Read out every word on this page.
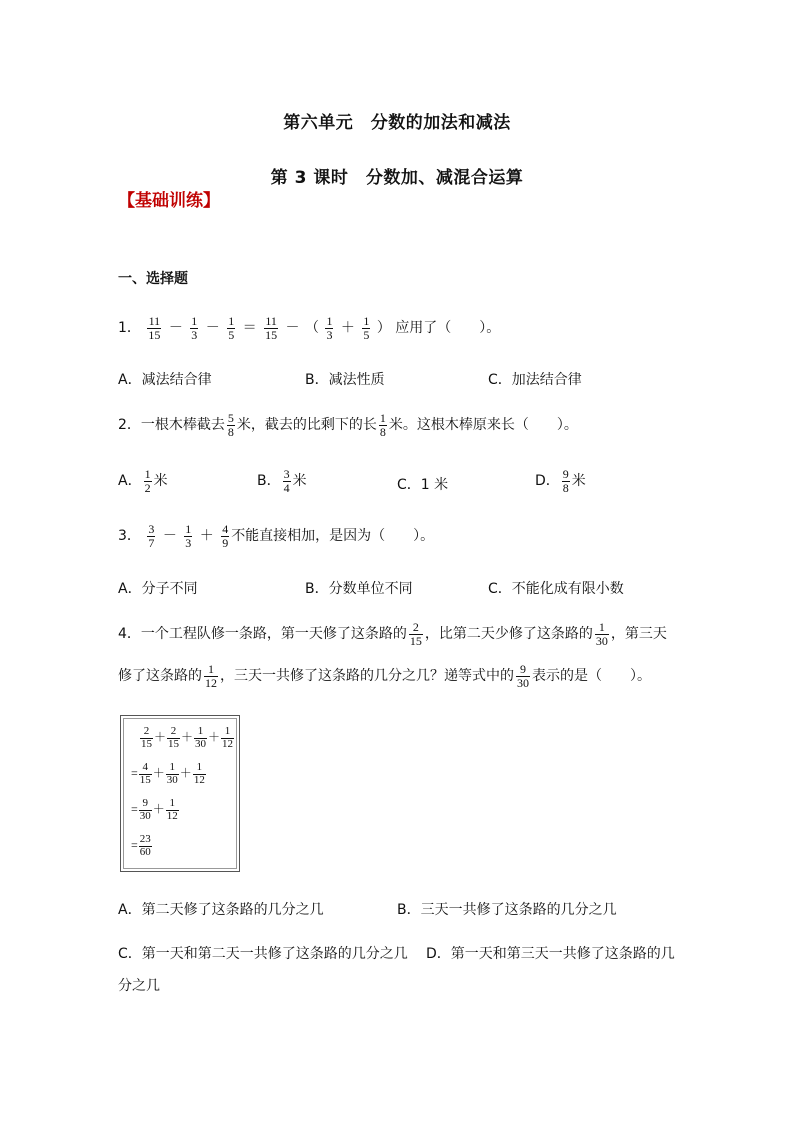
第六单元　分数的加法和减法
第 3 课时　分数加、减混合运算
【基础训练】
一、选择题
1． $\frac{11}{15} - \frac{1}{3} - \frac{1}{5} = \frac{11}{15}$ － （ $\frac{1}{3} + \frac{1}{5}$ ） 应用了（　　）。
A．减法结合律	B．减法性质	C．加法结合律
2．一根木棒截去 $\frac{5}{8}$ 米，截去的比剩下的长 $\frac{1}{8}$ 米。这根木棒原来长（　　）。
A． $\frac{1}{2}$ 米	B． $\frac{3}{4}$ 米	C．1 米	D． $\frac{9}{8}$ 米
3． $\frac{3}{7} - \frac{1}{3} + \frac{4}{9}$ 不能直接相加，是因为（　　）。
A．分子不同	B．分数单位不同	C．不能化成有限小数
4．一个工程队修一条路，第一天修了这条路的 $\frac{2}{15}$ ，比第二天少修了这条路的 $\frac{1}{30}$ ，第三天
修了这条路的 $\frac{1}{12}$ ，三天一共修了这条路的几分之几？递等式中的 $\frac{9}{30}$ 表示的是（　　）。
$\frac{2}{15} + \frac{2}{15} + \frac{1}{30} + \frac{1}{12}$
= $\frac{4}{15} + \frac{1}{30} + \frac{1}{12}$
= $\frac{9}{30} + \frac{1}{12}$
= $\frac{23}{60}$
A．第二天修了这条路的几分之几	B．三天一共修了这条路的几分之几
C．第一天和第二天一共修了这条路的几分之几 D．第一天和第三天一共修了这条路的几
分之几
